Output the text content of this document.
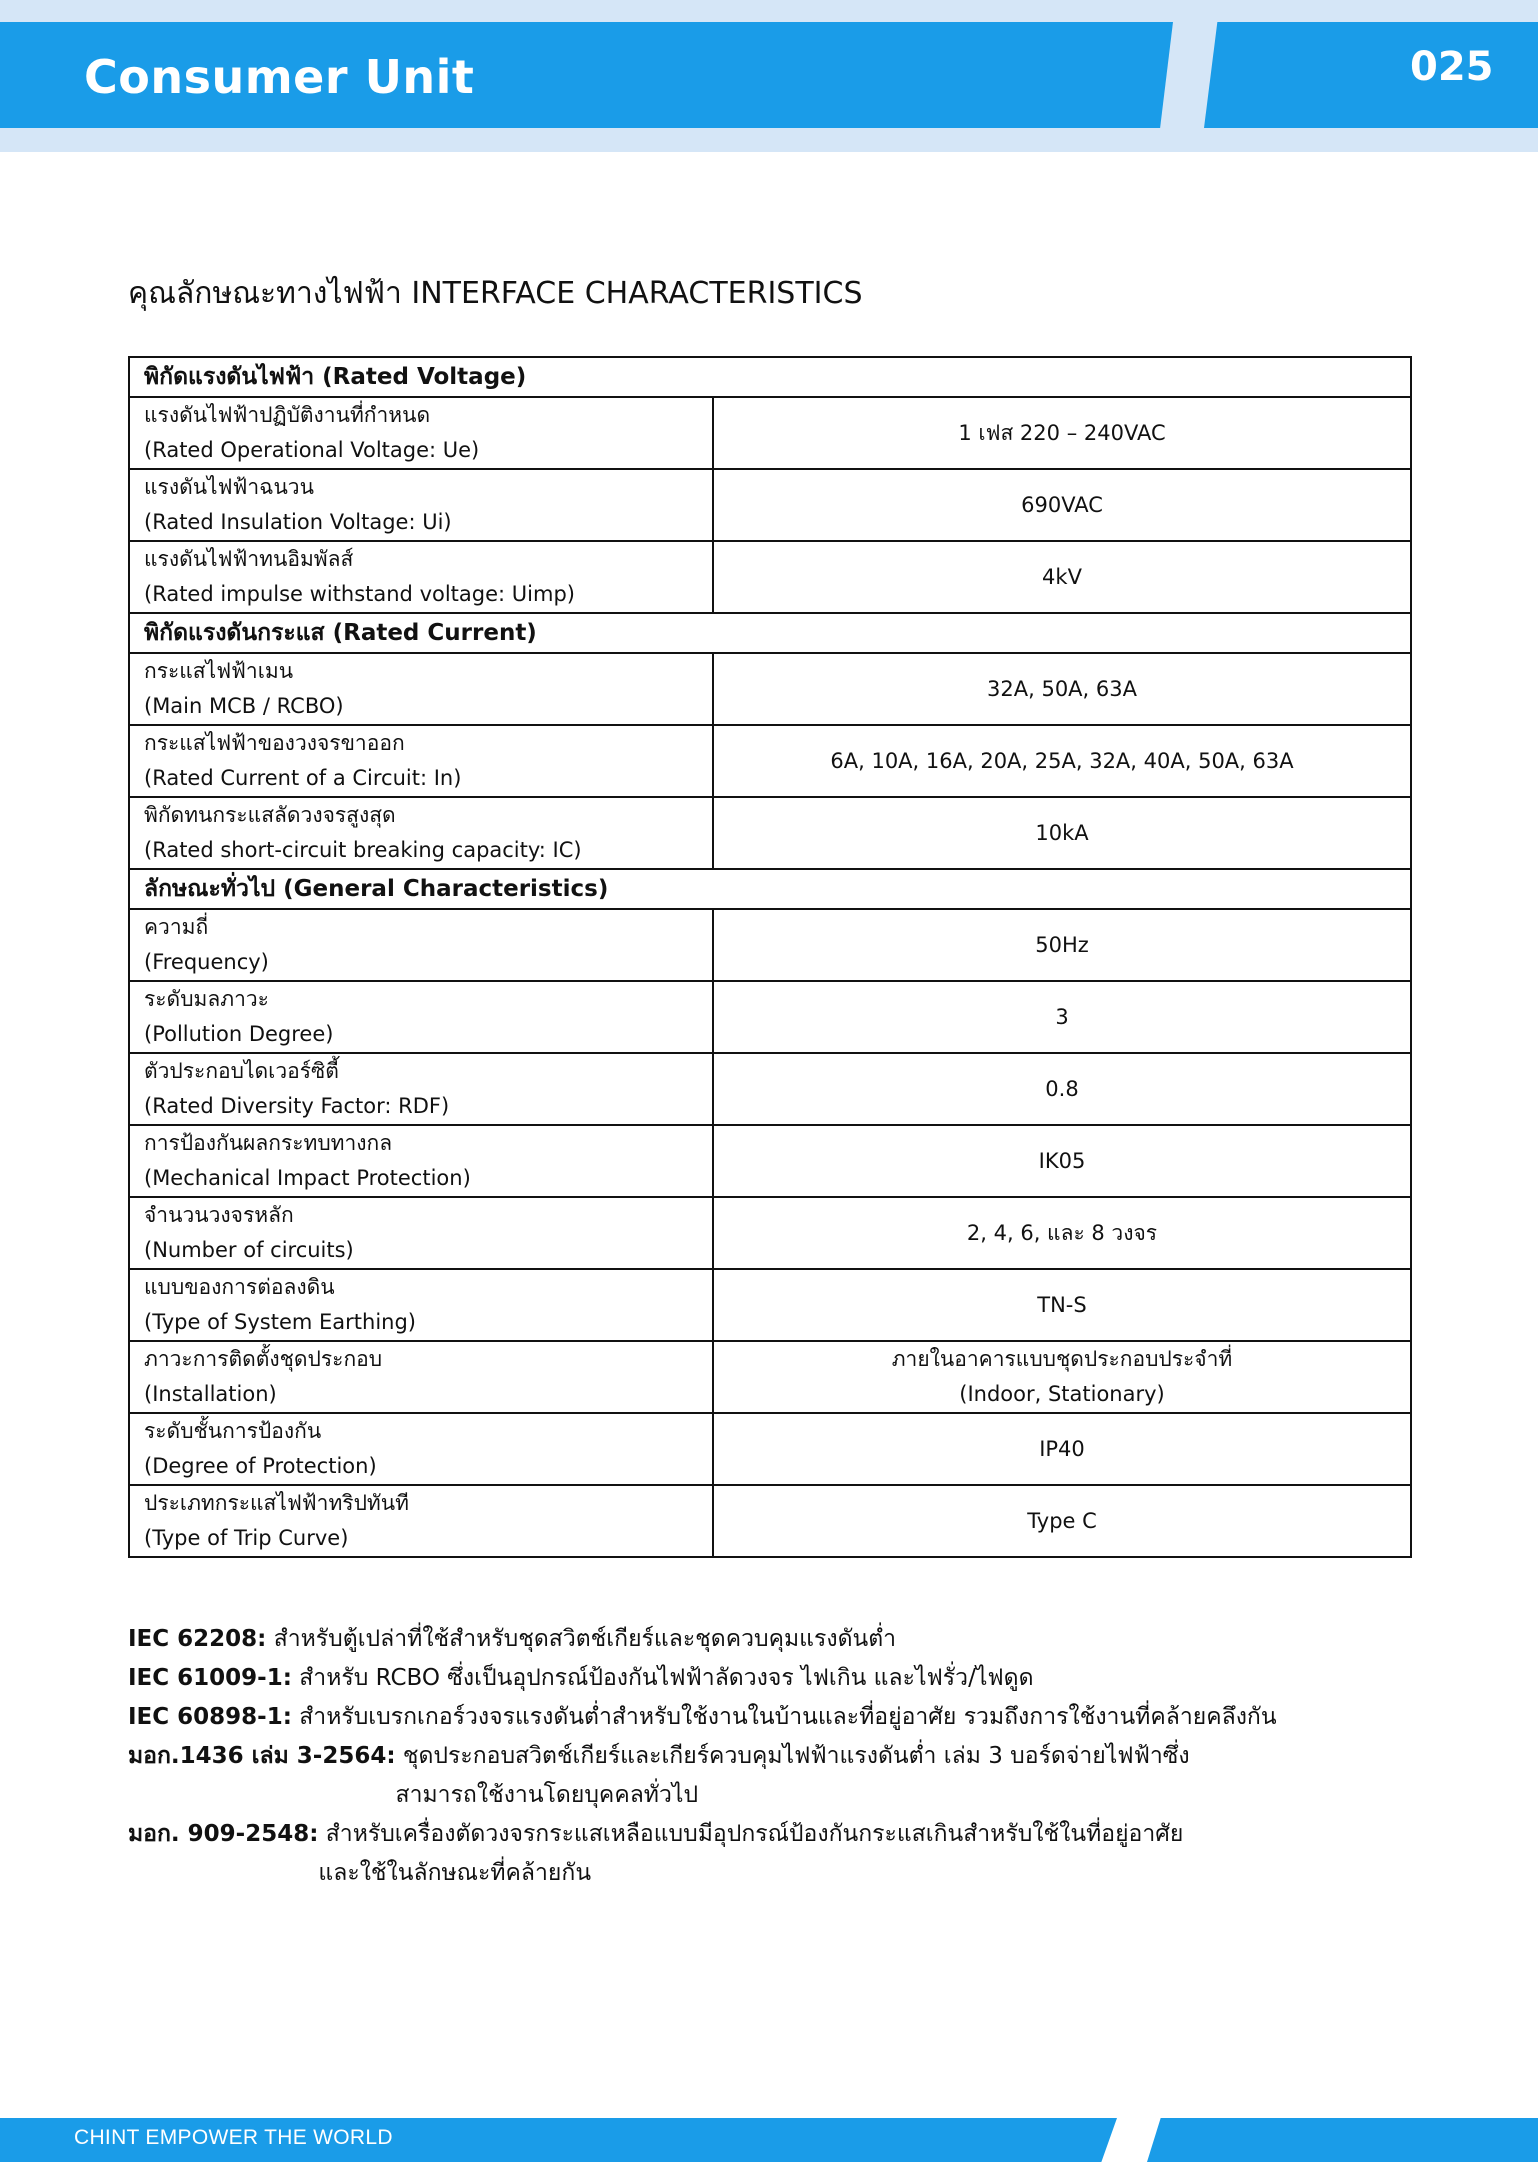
Consumer Unit	025
คุณลักษณะทางไฟฟ้า INTERFACE CHARACTERISTICS
พิกัดแรงดันไฟฟ้า (Rated Voltage)	

แรงดันไฟฟ้าปฏิบัติงานที่กำหนด
(Rated Operational Voltage: Ue)	1 เฟส 220 – 240VAC

แรงดันไฟฟ้าฉนวน
(Rated Insulation Voltage: Ui)	690VAC

แรงดันไฟฟ้าทนอิมพัลส์
(Rated impulse withstand voltage: Uimp)	4kV

พิกัดแรงดันกระแส (Rated Current)	

กระแสไฟฟ้าเมน
(Main MCB / RCBO)	32A, 50A, 63A

กระแสไฟฟ้าของวงจรขาออก
(Rated Current of a Circuit: In)	6A, 10A, 16A, 20A, 25A, 32A, 40A, 50A, 63A

พิกัดทนกระแสลัดวงจรสูงสุด
(Rated short-circuit breaking capacity: IC)	10kA

ลักษณะทั่วไป (General Characteristics)	

ความถี่
(Frequency)	50Hz

ระดับมลภาวะ
(Pollution Degree)	3

ตัวประกอบไดเวอร์ซิตี้
(Rated Diversity Factor: RDF)	0.8

การป้องกันผลกระทบทางกล
(Mechanical Impact Protection)	IK05

จำนวนวงจรหลัก
(Number of circuits)	2, 4, 6, และ 8 วงจร

แบบของการต่อลงดิน
(Type of System Earthing)	TN-S

ภาวะการติดตั้งชุดประกอบ
(Installation)	ภายในอาคารแบบชุดประกอบประจำที่
(Indoor, Stationary)

ระดับชั้นการป้องกัน
(Degree of Protection)	IP40

ประเภทกระแสไฟฟ้าทริปทันที
(Type of Trip Curve)	Type C
IEC 62208: สำหรับตู้เปล่าที่ใช้สำหรับชุดสวิตช์เกียร์และชุดควบคุมแรงดันต่ำ
IEC 61009-1: สำหรับ RCBO ซึ่งเป็นอุปกรณ์ป้องกันไฟฟ้าลัดวงจร ไฟเกิน และไฟรั่ว/ไฟดูด
IEC 60898-1: สำหรับเบรกเกอร์วงจรแรงดันต่ำสำหรับใช้งานในบ้านและที่อยู่อาศัย รวมถึงการใช้งานที่คล้ายคลึงกัน
มอก.1436 เล่ม 3-2564: ชุดประกอบสวิตช์เกียร์และเกียร์ควบคุมไฟฟ้าแรงดันต่ำ เล่ม 3 บอร์ดจ่ายไฟฟ้าซึ่ง
สามารถใช้งานโดยบุคคลทั่วไป
มอก. 909-2548: สำหรับเครื่องตัดวงจรกระแสเหลือแบบมีอุปกรณ์ป้องกันกระแสเกินสำหรับใช้ในที่อยู่อาศัย
และใช้ในลักษณะที่คล้ายกัน
CHINT EMPOWER THE WORLD
